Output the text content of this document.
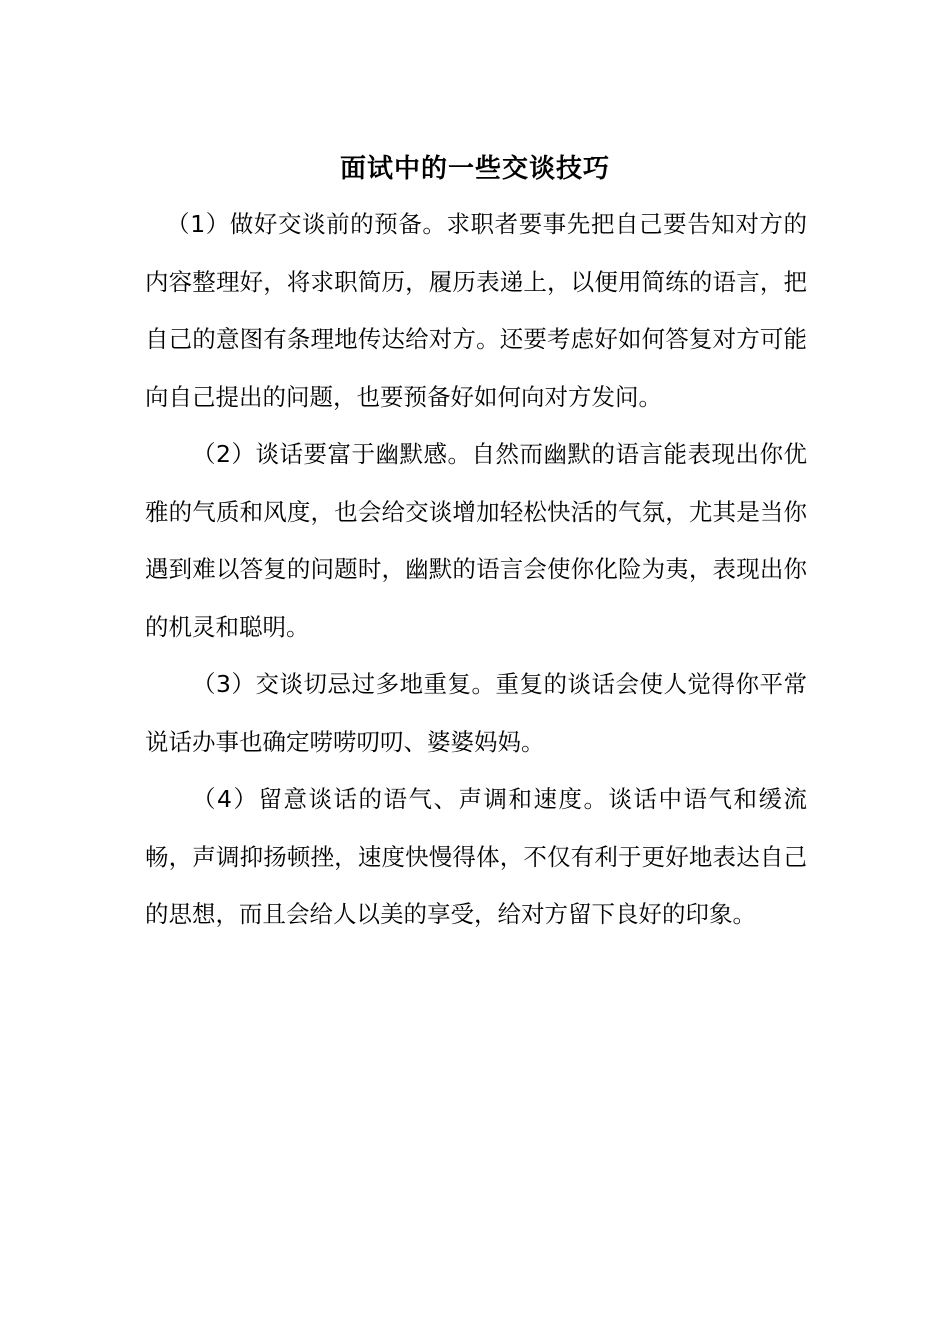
面试中的一些交谈技巧

（1）做好交谈前的预备。求职者要事先把自己要告知对方的内容整理好，将求职简历，履历表递上，以便用简练的语言，把自己的意图有条理地传达给对方。还要考虑好如何答复对方可能向自己提出的问题，也要预备好如何向对方发问。

（2）谈话要富于幽默感。自然而幽默的语言能表现出你优雅的气质和风度，也会给交谈增加轻松快活的气氛，尤其是当你遇到难以答复的问题时，幽默的语言会使你化险为夷，表现出你的机灵和聪明。

（3）交谈切忌过多地重复。重复的谈话会使人觉得你平常说话办事也确定唠唠叨叨、婆婆妈妈。

（4）留意谈话的语气、声调和速度。谈话中语气和缓流畅，声调抑扬顿挫，速度快慢得体，不仅有利于更好地表达自己的思想，而且会给人以美的享受，给对方留下良好的印象。
